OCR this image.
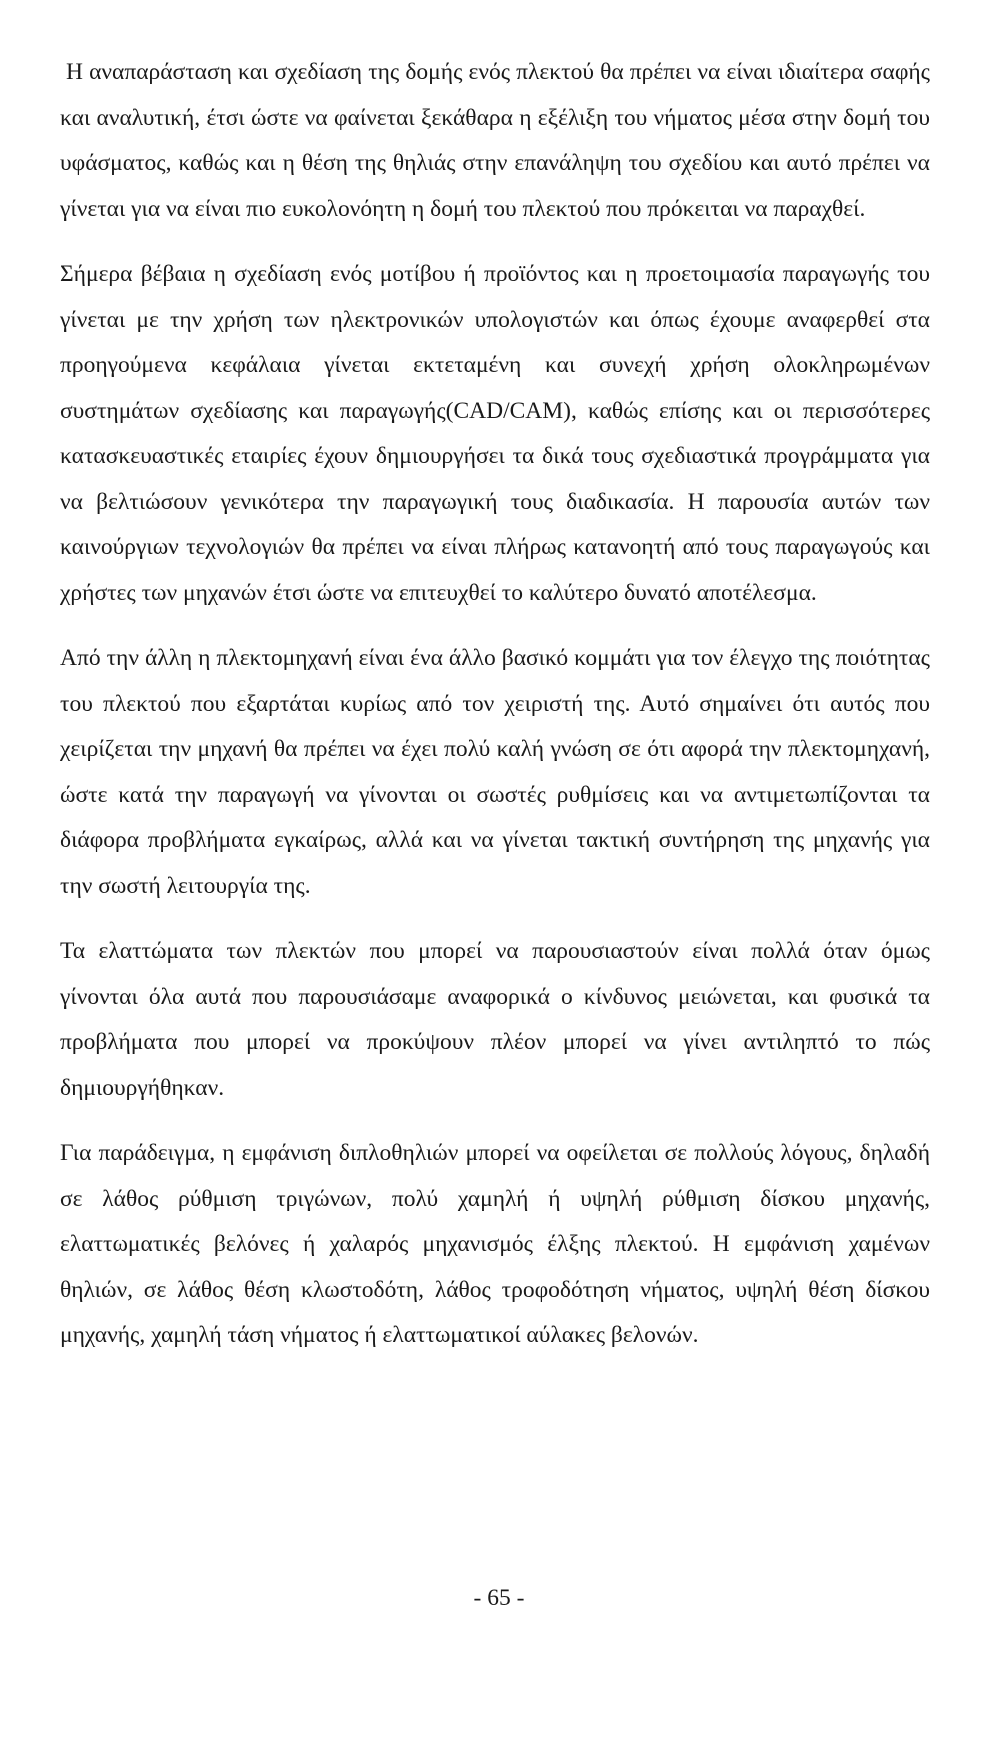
Η αναπαράσταση και σχεδίαση της δομής ενός πλεκτού θα πρέπει να είναι ιδιαίτερα σαφής και αναλυτική, έτσι ώστε να φαίνεται ξεκάθαρα η εξέλιξη του νήματος μέσα στην δομή του υφάσματος, καθώς και η θέση της θηλιάς στην επανάληψη του σχεδίου και αυτό πρέπει να γίνεται για να είναι πιο ευκολονόητη η δομή του πλεκτού που πρόκειται να παραχθεί.

Σήμερα βέβαια η σχεδίαση ενός μοτίβου ή προϊόντος και η προετοιμασία παραγωγής του γίνεται με την χρήση των ηλεκτρονικών υπολογιστών και όπως έχουμε αναφερθεί στα προηγούμενα κεφάλαια γίνεται εκτεταμένη και συνεχή χρήση ολοκληρωμένων συστημάτων σχεδίασης και παραγωγής(CAD/CAM), καθώς επίσης και οι περισσότερες κατασκευαστικές εταιρίες έχουν δημιουργήσει τα δικά τους σχεδιαστικά προγράμματα για να βελτιώσουν γενικότερα την παραγωγική τους διαδικασία. Η παρουσία αυτών των καινούργιων τεχνολογιών θα πρέπει να είναι πλήρως κατανοητή από τους παραγωγούς και χρήστες των μηχανών έτσι ώστε να επιτευχθεί το καλύτερο δυνατό αποτέλεσμα.

Από την άλλη η πλεκτομηχανή είναι ένα άλλο βασικό κομμάτι για τον έλεγχο της ποιότητας του πλεκτού που εξαρτάται κυρίως από τον χειριστή της. Αυτό σημαίνει ότι αυτός που χειρίζεται την μηχανή θα πρέπει να έχει πολύ καλή γνώση σε ότι αφορά την πλεκτομηχανή, ώστε κατά την παραγωγή να γίνονται οι σωστές ρυθμίσεις και να αντιμετωπίζονται τα διάφορα προβλήματα εγκαίρως, αλλά και να γίνεται τακτική συντήρηση της μηχανής για την σωστή λειτουργία της.

Τα ελαττώματα των πλεκτών που μπορεί να παρουσιαστούν είναι πολλά όταν όμως γίνονται όλα αυτά που παρουσιάσαμε αναφορικά ο κίνδυνος μειώνεται, και φυσικά τα προβλήματα που μπορεί να προκύψουν πλέον μπορεί να γίνει αντιληπτό το πώς δημιουργήθηκαν.

Για παράδειγμα, η εμφάνιση διπλοθηλιών μπορεί να οφείλεται σε πολλούς λόγους, δηλαδή σε λάθος ρύθμιση τριγώνων, πολύ χαμηλή ή υψηλή ρύθμιση δίσκου μηχανής, ελαττωματικές βελόνες ή χαλαρός μηχανισμός έλξης πλεκτού. Η εμφάνιση χαμένων θηλιών, σε λάθος θέση κλωστοδότη, λάθος τροφοδότηση νήματος, υψηλή θέση δίσκου μηχανής, χαμηλή τάση νήματος ή ελαττωματικοί αύλακες βελονών.

- 65 -
